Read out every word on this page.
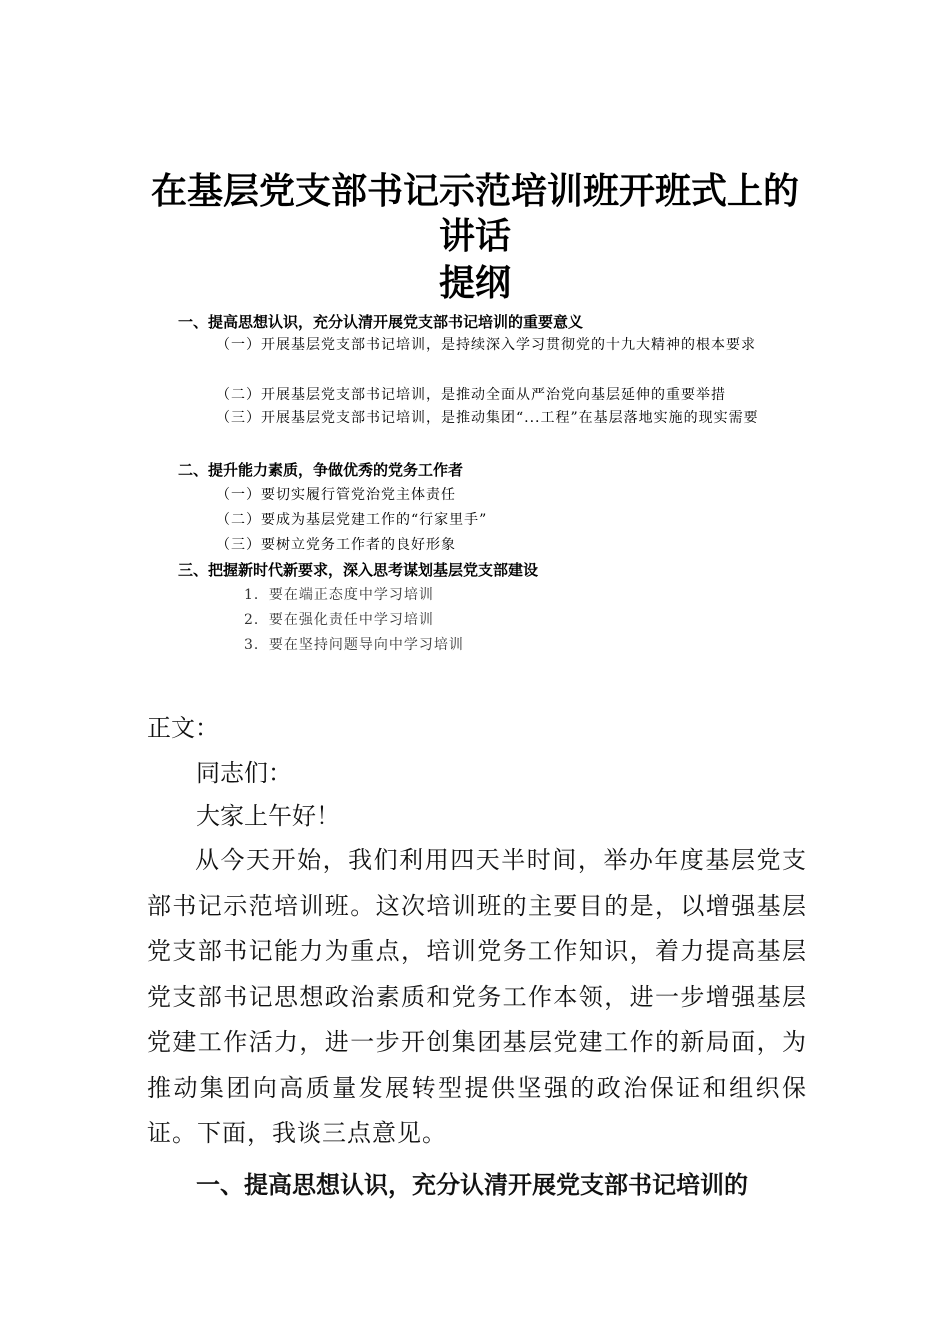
在基层党支部书记示范培训班开班式上的
讲话
提纲

一、提高思想认识，充分认清开展党支部书记培训的重要意义

（一）开展基层党支部书记培训，是持续深入学习贯彻党的十九大精神的根本要求

（二）开展基层党支部书记培训，是推动全面从严治党向基层延伸的重要举措

（三）开展基层党支部书记培训，是推动集团“...工程”在基层落地实施的现实需要

二、提升能力素质，争做优秀的党务工作者

（一）要切实履行管党治党主体责任

（二）要成为基层党建工作的“行家里手”

（三）要树立党务工作者的良好形象

三、把握新时代新要求，深入思考谋划基层党支部建设

1．要在端正态度中学习培训

2．要在强化责任中学习培训

3．要在坚持问题导向中学习培训

正文：

同志们：

大家上午好！

从今天开始，我们利用四天半时间，举办年度基层党支部书记示范培训班。这次培训班的主要目的是，以增强基层党支部书记能力为重点，培训党务工作知识，着力提高基层党支部书记思想政治素质和党务工作本领，进一步增强基层党建工作活力，进一步开创集团基层党建工作的新局面，为推动集团向高质量发展转型提供坚强的政治保证和组织保证。下面，我谈三点意见。

一、提高思想认识，充分认清开展党支部书记培训的
